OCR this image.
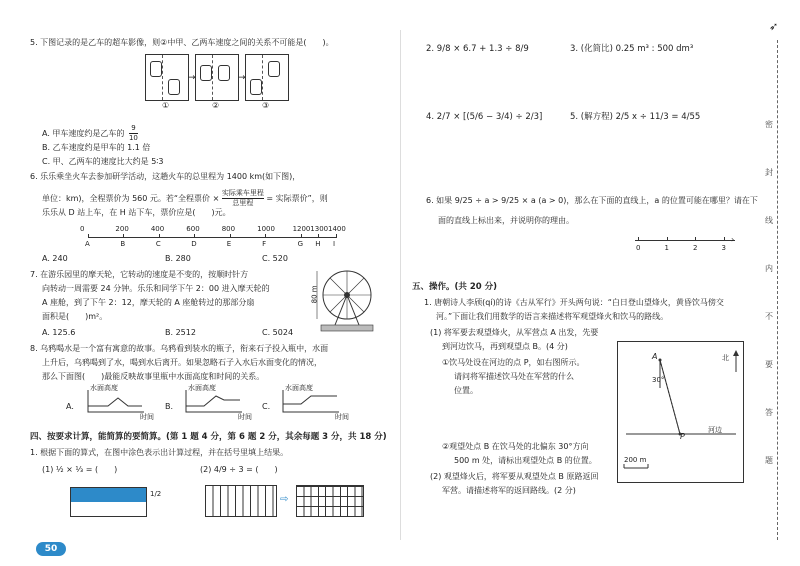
5. 下图记录的是乙车的超车影像，则②中甲、乙两车速度之间的关系不可能是(　　)。
→	→
①	②	③
A. 甲车速度约是乙车的 $\frac{9}{10}$
B. 乙车速度约是甲车的 1.1 倍
C. 甲、乙两车的速度比大约是 5∶3
6. 乐乐乘坐火车去参加研学活动，这趟火车的总里程为 1400 km(如下图)，
单位：km)，全程票价为 560 元。若“全程票价 ×
实际乘车里程
总里程	= 实际票价”，则
乐乐从 D 站上车，在 H 站下车，票价应是(　　)元。
0	200	400	600	800	1000	1200 1300 1400
A	B	C	D	E	F	G H I
A. 240	B. 280	C. 520
7. 在游乐园里的摩天轮，它转动的速度是不变的，按顺时针方
向转动一周需要 24 分钟。乐乐和同学下午 2：00 进入摩天轮的
A 座舱，到了下午 2：12，摩天轮的 A 座舱转过的那部分扇
面积是(　　)m²。
80 m
A. 125.6	B. 2512	C. 5024
8. 乌鸦喝水是一个富有寓意的故事。乌鸦看到装水的瓶子，衔来石子投入瓶中，水面
上升后，乌鸦喝到了水，喝到水后离开。如果忽略石子入水后水面变化的情况，
那么下面图(　　)最能反映故事里瓶中水面高度和时间的关系。
A.	B.	C.
水面高度	水面高度	水面高度
时间	时间	时间
四、按要求计算，能简算的要简算。(第 1 题 4 分，第 6 题 2 分，其余每题 3 分，共 18 分)
1. 根据下面的算式，在图中涂色表示出计算过程，并在括号里填上结果。
(1) ½ × ⅓ = (　　)	(2) 4/9 ÷ 3 = (　　)
1/2	⇨
50
2. 9/8 × 6.7 + 1.3 ÷ 8/9	3. (化简比) 0.25 m³ : 500 dm³
4. 2/7 × [(5/6 − 3/4) ÷ 2/3]	5. (解方程) 2/5 x ÷ 11/3 = 4/55
6. 如果 9/25 ÷ a > 9/25 × a (a > 0)，那么在下面的直线上，a 的位置可能在哪里？请在下
面的直线上标出来，并说明你的理由。
›
0	1	2	3
五、操作。(共 20 分)
1. 唐朝诗人李颀(qí)的诗《古从军行》开头两句说：“白日登山望烽火，黄昏饮马傍交
河。”下面让我们用数学的语言来描述将军观望烽火和饮马的路线。
(1) 将军要去观望烽火，从军营点 A 出发，先要
到河边饮马，再到观望点 B。(4 分)
①饮马处设在河边的点 P，如右图所示。
请问将军描述饮马处在军营的什么
位置。
②观望处点 B 在饮马处的北偏东 30°方向
500 m 处，请标出观望处点 B 的位置。
(2) 观望烽火后，将军要从观望处点 B 原路返回
军营。请描述将军的返回路线。(2 分)
A
P
30°
北
河边
200 m
➶
密
封
线
内
不
要
答
题
